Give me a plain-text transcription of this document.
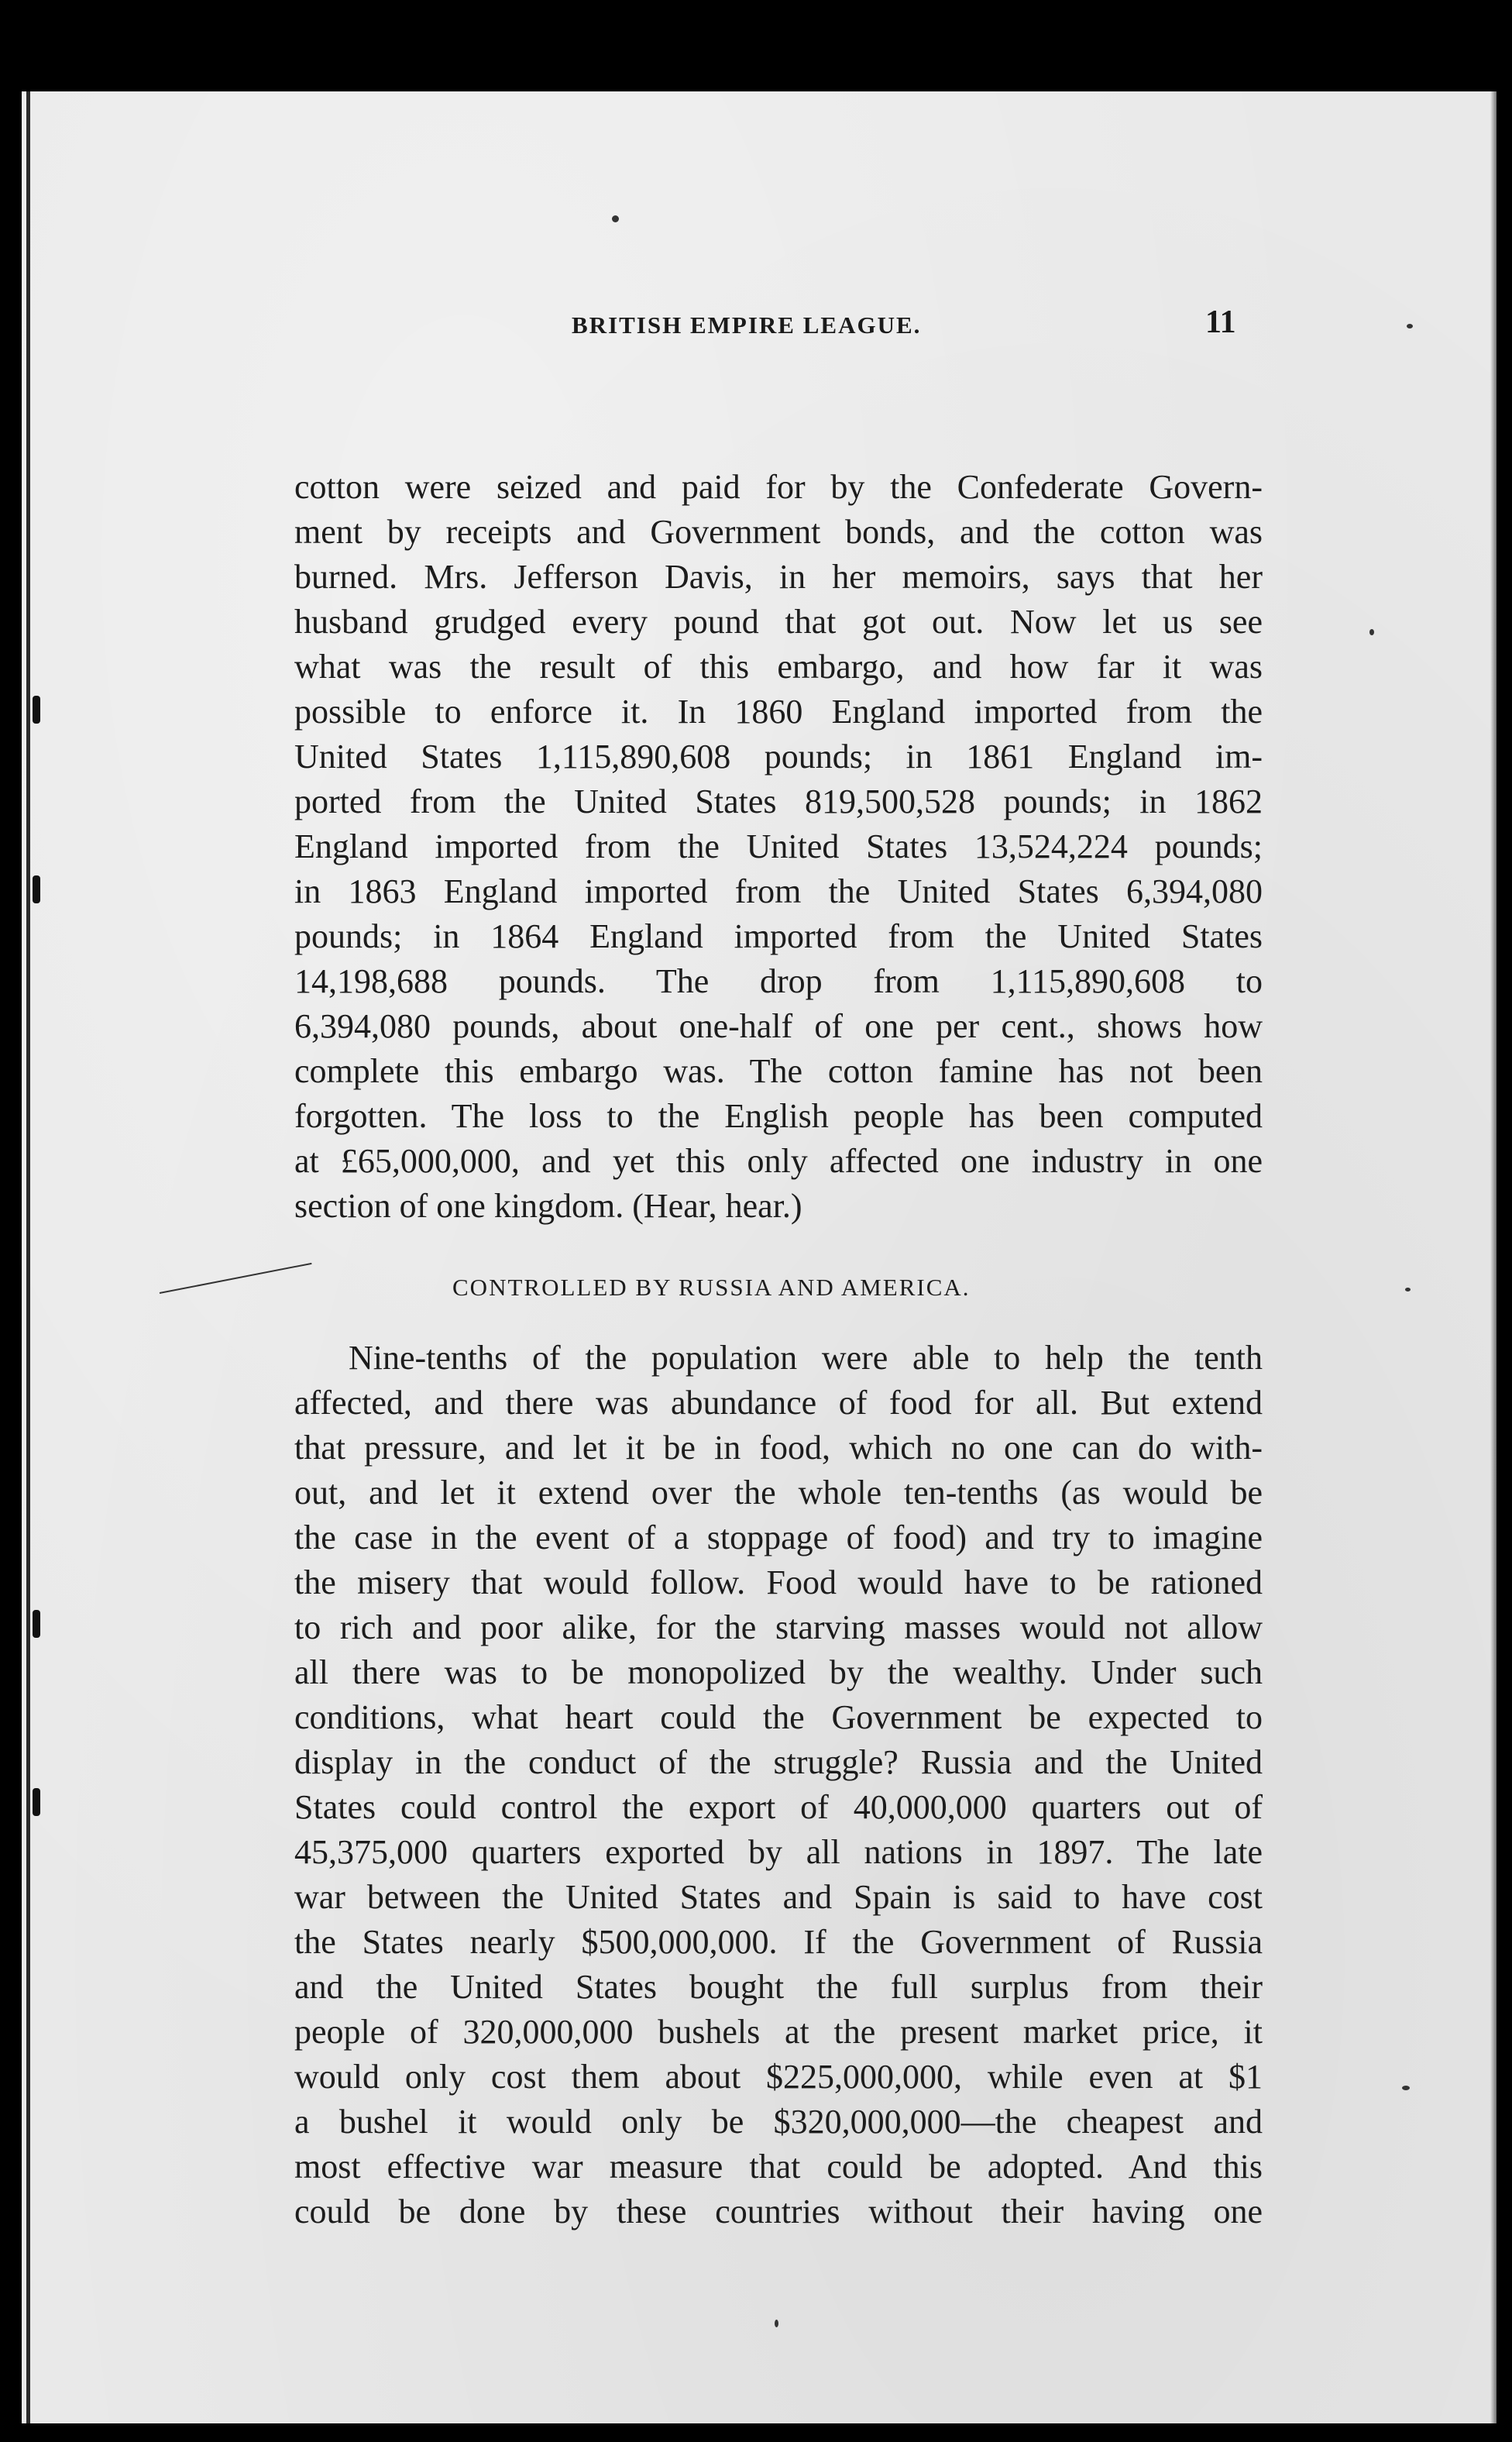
BRITISH EMPIRE LEAGUE.	11
cotton were seized and paid for by the Confederate Govern-
ment by receipts and Government bonds, and the cotton was
burned. Mrs. Jefferson Davis, in her memoirs, says that her
husband grudged every pound that got out. Now let us see
what was the result of this embargo, and how far it was
possible to enforce it. In 1860 England imported from the
United States 1,115,890,608 pounds; in 1861 England im-
ported from the United States 819,500,528 pounds; in 1862
England imported from the United States 13,524,224 pounds;
in 1863 England imported from the United States 6,394,080
pounds; in 1864 England imported from the United States
14,198,688 pounds. The drop from 1,115,890,608 to
6,394,080 pounds, about one-half of one per cent., shows how
complete this embargo was. The cotton famine has not been
forgotten. The loss to the English people has been computed
at £65,000,000, and yet this only affected one industry in one
section of one kingdom. (Hear, hear.)
CONTROLLED BY RUSSIA AND AMERICA.
Nine-tenths of the population were able to help the tenth
affected, and there was abundance of food for all. But extend
that pressure, and let it be in food, which no one can do with-
out, and let it extend over the whole ten-tenths (as would be
the case in the event of a stoppage of food) and try to imagine
the misery that would follow. Food would have to be rationed
to rich and poor alike, for the starving masses would not allow
all there was to be monopolized by the wealthy. Under such
conditions, what heart could the Government be expected to
display in the conduct of the struggle? Russia and the United
States could control the export of 40,000,000 quarters out of
45,375,000 quarters exported by all nations in 1897. The late
war between the United States and Spain is said to have cost
the States nearly $500,000,000. If the Government of Russia
and the United States bought the full surplus from their
people of 320,000,000 bushels at the present market price, it
would only cost them about $225,000,000, while even at $1
a bushel it would only be $320,000,000—the cheapest and
most effective war measure that could be adopted. And this
could be done by these countries without their having one
